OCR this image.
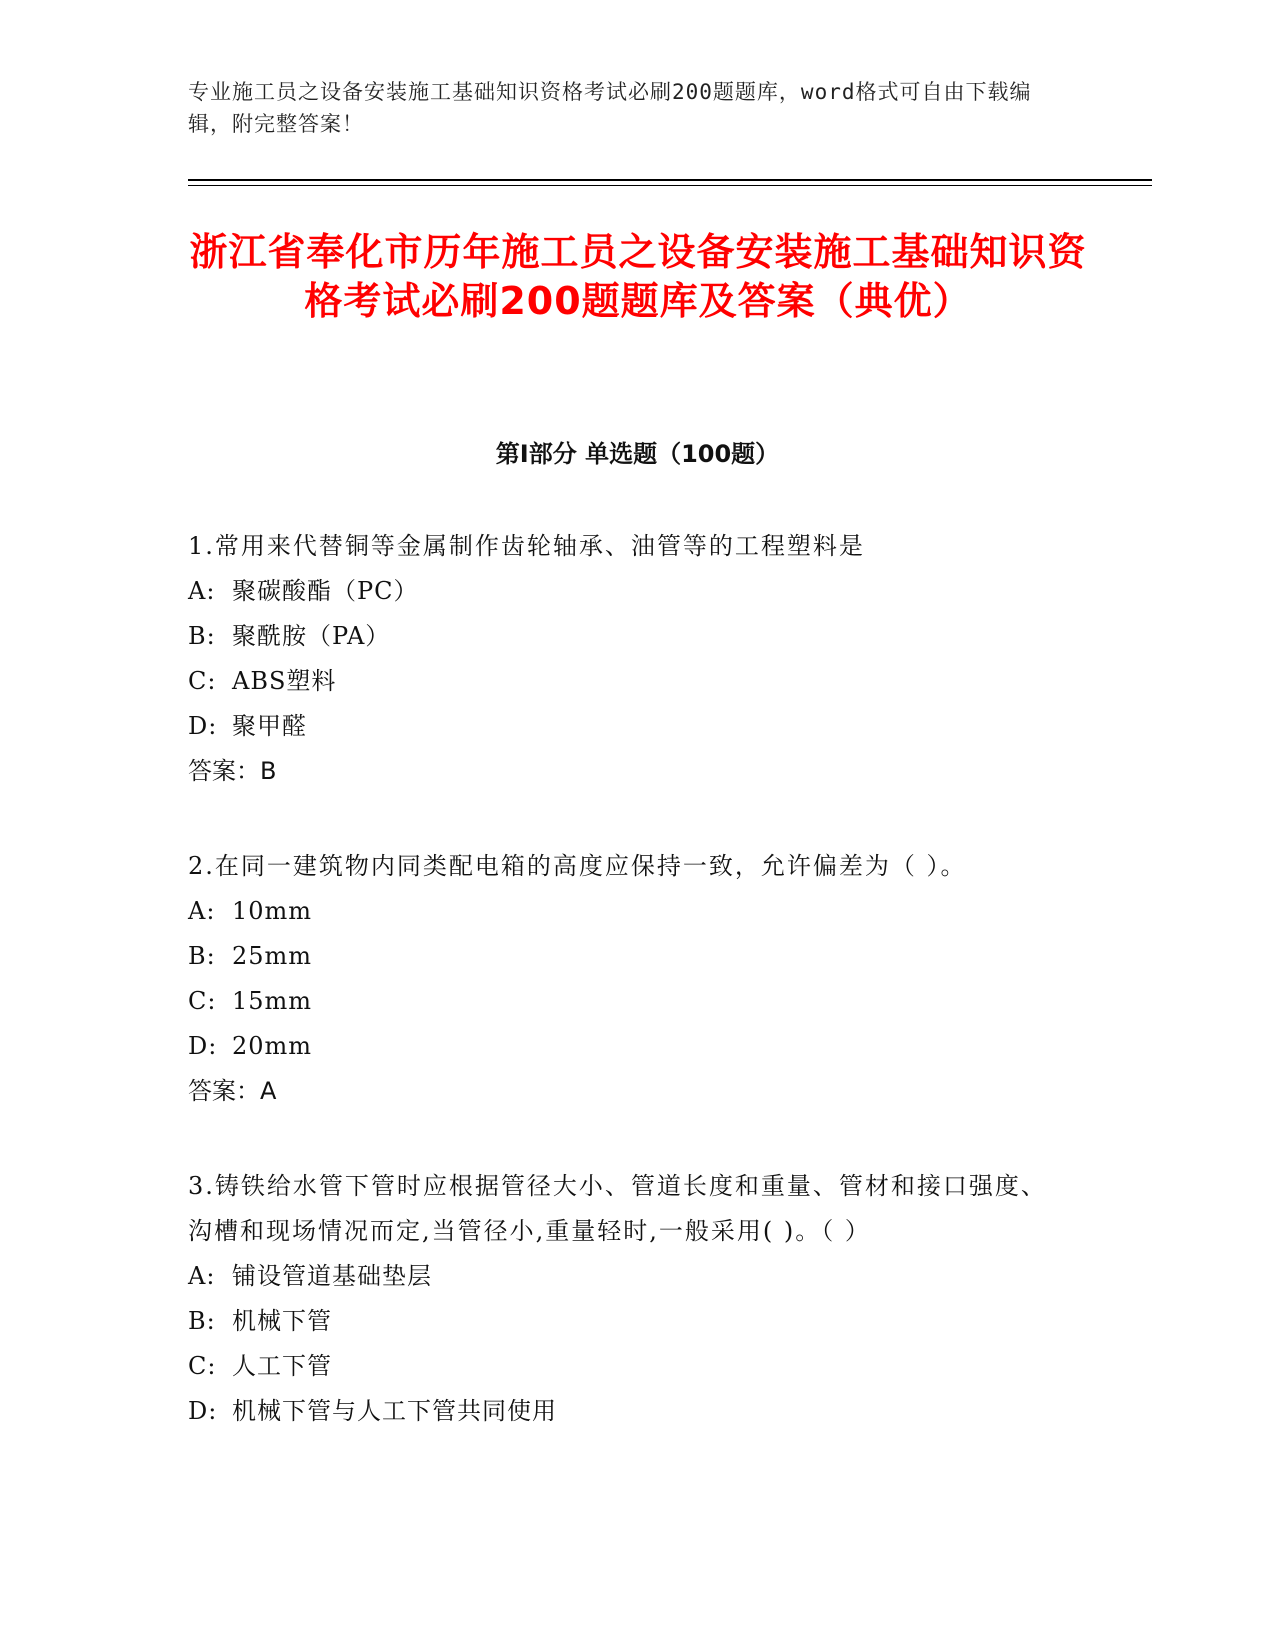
专业施工员之设备安装施工基础知识资格考试必刷200题题库，word格式可自由下载编辑，附完整答案！
浙江省奉化市历年施工员之设备安装施工基础知识资格考试必刷200题题库及答案（典优）
第I部分 单选题（100题）
1.常用来代替铜等金属制作齿轮轴承、油管等的工程塑料是
A: 聚碳酸酯（PC）
B: 聚酰胺（PA）
C: ABS塑料
D: 聚甲醛
答案：B
2.在同一建筑物内同类配电箱的高度应保持一致，允许偏差为（ ）。
A: 10mm
B: 25mm
C: 15mm
D: 20mm
答案：A
3.铸铁给水管下管时应根据管径大小、管道长度和重量、管材和接口强度、沟槽和现场情况而定,当管径小,重量轻时,一般采用( )。（ ）
A: 铺设管道基础垫层
B: 机械下管
C: 人工下管
D: 机械下管与人工下管共同使用
